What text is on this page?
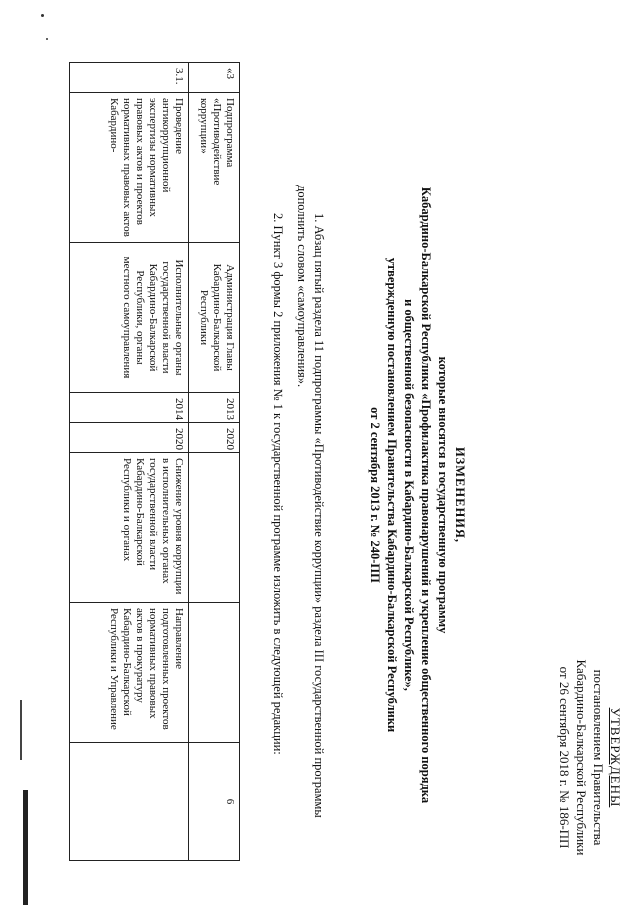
УТВЕРЖДЕНЫ
постановлением Правительства
Кабардино-Балкарской Республики
от 26 сентября 2018 г. № 186-ПП
ИЗМЕНЕНИЯ,
которые вносятся в государственную программу
Кабардино-Балкарской Республики «Профилактика правонарушений и укрепление общественного порядка
и общественной безопасности в Кабардино-Балкарской Республике»,
утвержденную постановлением Правительства Кабардино-Балкарской Республики
от 2 сентября 2013 г. № 240-ПП
1. Абзац пятый раздела 11 подпрограммы «Противодействие коррупции» раздела III государственной программы дополнить словом «самоуправления».
2. Пункт 3 формы 2 приложения № 1 к государственной программе изложить в следующей редакции:
«3	Подпрограмма «Противодействие коррупции»	Администрация Главы Кабардино-Балкарской Республики	2013	2020			6
3.1.	Проведение антикоррупционной экспертизы нормативных правовых актов и проектов нормативных правовых актов Кабардино-	Исполнительные органы государственной власти Кабардино-Балкарской Республики, органы местного самоуправления	2014	2020	Снижение уровня коррупции в исполнительных органах государственной власти Кабардино-Балкарской Республики и органах	Направление подготовленных проектов нормативных правовых актов в прокуратуру Кабардино-Балкарской Республики и Управление	
